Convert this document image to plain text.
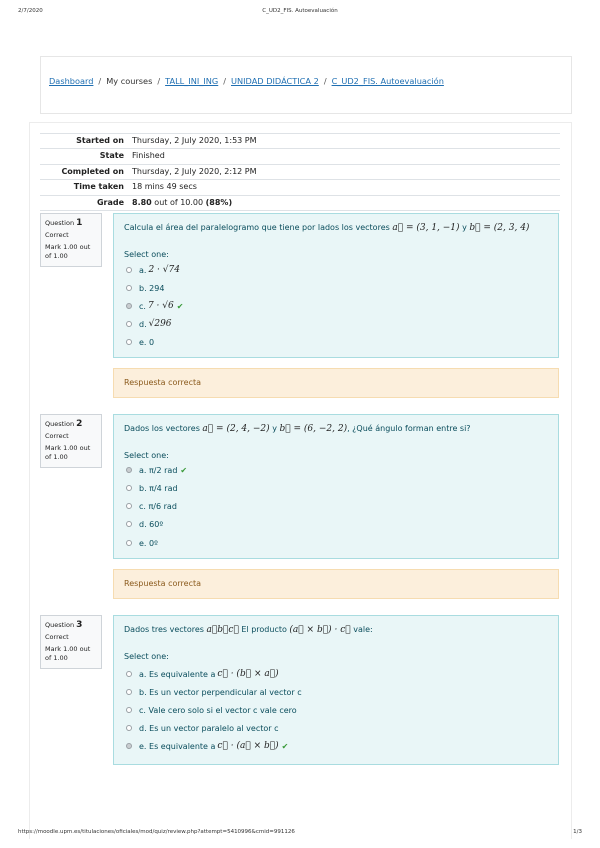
2/7/2020	C_UD2_FIS. Autoevaluación
Dashboard / My courses / TALL_INI_ING / UNIDAD DIDÁCTICA 2 / C_UD2_FIS. Autoevaluación
Started on	Thursday, 2 July 2020, 1:53 PM
State	Finished
Completed on	Thursday, 2 July 2020, 2:12 PM
Time taken	18 mins 49 secs
Grade	8.80 out of 10.00 (88%)
Question 1
Correct
Mark 1.00 out of 1.00
Calcula el área del paralelogramo que tiene por lados los vectores a⃗ = (3, 1, −1) y b⃗ = (2, 3, 4)
Select one:
a. 2 · √74
b. 294
c. 7 · √6 ✔
d. √296
e. 0
Respuesta correcta
Question 2
Correct
Mark 1.00 out of 1.00
Dados los vectores a⃗ = (2, 4, −2) y b⃗ = (6, −2, 2), ¿Qué ángulo forman entre si?
Select one:
a. π/2 rad ✔
b. π/4 rad
c. π/6 rad
d. 60º
e. 0º
Respuesta correcta
Question 3
Correct
Mark 1.00 out of 1.00
Dados tres vectores a⃗b⃗c⃗ El producto (a⃗ × b⃗) · c⃗ vale:
Select one:
a. Es equivalente a c⃗ · (b⃗ × a⃗)
b. Es un vector perpendicular al vector c
c. Vale cero solo si el vector c vale cero
d. Es un vector paralelo al vector c
e. Es equivalente a c⃗ · (a⃗ × b⃗) ✔
https://moodle.upm.es/titulaciones/oficiales/mod/quiz/review.php?attempt=5410996&cmid=991126	1/3
